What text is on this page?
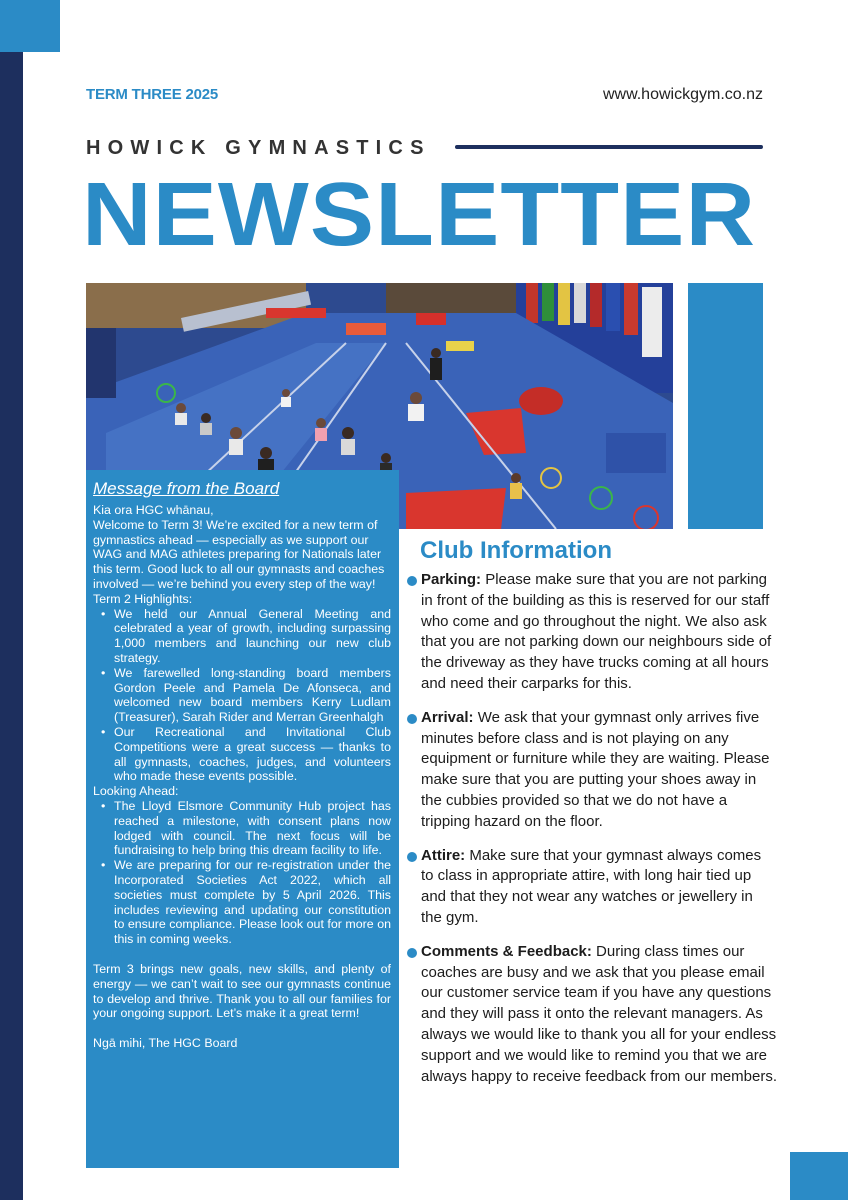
TERM THREE 2025	www.howickgym.co.nz
HOWICK GYMNASTICS
NEWSLETTER
Message from the Board

Kia ora HGC whānau,

Welcome to Term 3! We’re excited for a new term of gymnastics ahead — especially as we support our WAG and MAG athletes preparing for Nationals later this term. Good luck to all our gymnasts and coaches involved — we’re behind you every step of the way!

Term 2 Highlights:

• We held our Annual General Meeting and celebrated a year of growth, including surpassing 1,000 members and launching our new club strategy.
• We farewelled long-standing board members Gordon Peele and Pamela De Afonseca, and welcomed new board members Kerry Ludlam (Treasurer), Sarah Rider and Merran Greenhalgh
• Our Recreational and Invitational Club Competitions were a great success — thanks to all gymnasts, coaches, judges, and volunteers who made these events possible.

Looking Ahead:

• The Lloyd Elsmore Community Hub project has reached a milestone, with consent plans now lodged with council. The next focus will be fundraising to help bring this dream facility to life.
• We are preparing for our re-registration under the Incorporated Societies Act 2022, which all societies must complete by 5 April 2026. This includes reviewing and updating our constitution to ensure compliance. Please look out for more on this in coming weeks.

Term 3 brings new goals, new skills, and plenty of energy — we can’t wait to see our gymnasts continue to develop and thrive. Thank you to all our families for your ongoing support. Let’s make it a great term!

Ngā mihi, The HGC Board

Club Information
Parking: Please make sure that you are not parking in front of the building as this is reserved for our staff who come and go throughout the night. We also ask that you are not parking down our neighbours side of the driveway as they have trucks coming at all hours and need their carparks for this.
Arrival: We ask that your gymnast only arrives five minutes before class and is not playing on any equipment or furniture while they are waiting. Please make sure that you are putting your shoes away in the cubbies provided so that we do not have a tripping hazard on the floor.
Attire: Make sure that your gymnast always comes to class in appropriate attire, with long hair tied up and that they not wear any watches or jewellery in the gym.
Comments & Feedback: During class times our coaches are busy and we ask that you please email our customer service team if you have any questions and they will pass it onto the relevant managers. As always we would like to thank you all for your endless support and we would like to remind you that we are always happy to receive feedback from our members.
